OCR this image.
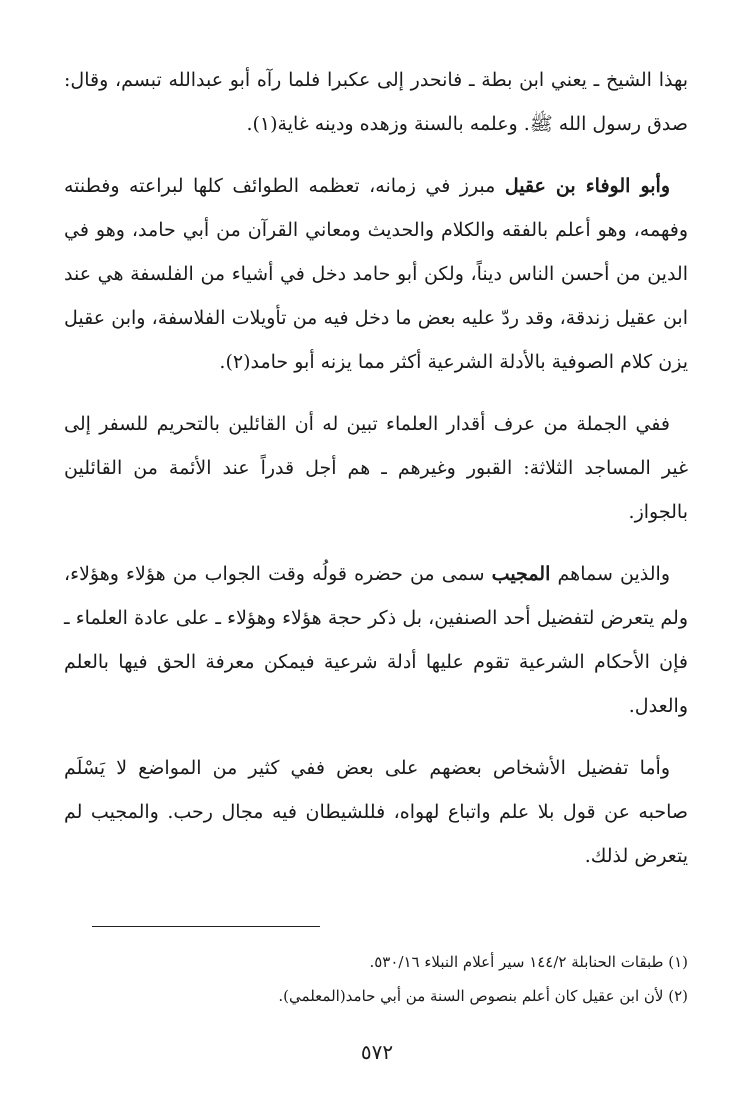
بهذا الشيخ ـ يعني ابن بطة ـ فانحدر إلى عكبرا فلما رآه أبو عبدالله تبسم، وقال: صدق رسول الله ﷺ. وعلمه بالسنة وزهده ودينه غاية(١).

وأبو الوفاء بن عقيل مبرز في زمانه، تعظمه الطوائف كلها لبراعته وفطنته وفهمه، وهو أعلم بالفقه والكلام والحديث ومعاني القرآن من أبي حامد، وهو في الدين من أحسن الناس ديناً، ولكن أبو حامد دخل في أشياء من الفلسفة هي عند ابن عقيل زندقة، وقد ردّ عليه بعض ما دخل فيه من تأويلات الفلاسفة، وابن عقيل يزن كلام الصوفية بالأدلة الشرعية أكثر مما يزنه أبو حامد(٢).

ففي الجملة من عرف أقدار العلماء تبين له أن القائلين بالتحريم للسفر إلى غير المساجد الثلاثة: القبور وغيرهم ـ هم أجل قدراً عند الأئمة من القائلين بالجواز.

والذين سماهم المجيب سمى من حضره قولُه وقت الجواب من هؤلاء وهؤلاء، ولم يتعرض لتفضيل أحد الصنفين، بل ذكر حجة هؤلاء وهؤلاء ـ على عادة العلماء ـ فإن الأحكام الشرعية تقوم عليها أدلة شرعية فيمكن معرفة الحق فيها بالعلم والعدل.

وأما تفضيل الأشخاص بعضهم على بعض ففي كثير من المواضع لا يَسْلَم صاحبه عن قول بلا علم واتباع لهواه، فللشيطان فيه مجال رحب. والمجيب لم يتعرض لذلك.

(١) طبقات الحنابلة ١٤٤/٢ سير أعلام النبلاء ٥٣٠/١٦.

(٢) لأن ابن عقيل كان أعلم بنصوص السنة من أبي حامد(المعلمي).

٥٧٢
